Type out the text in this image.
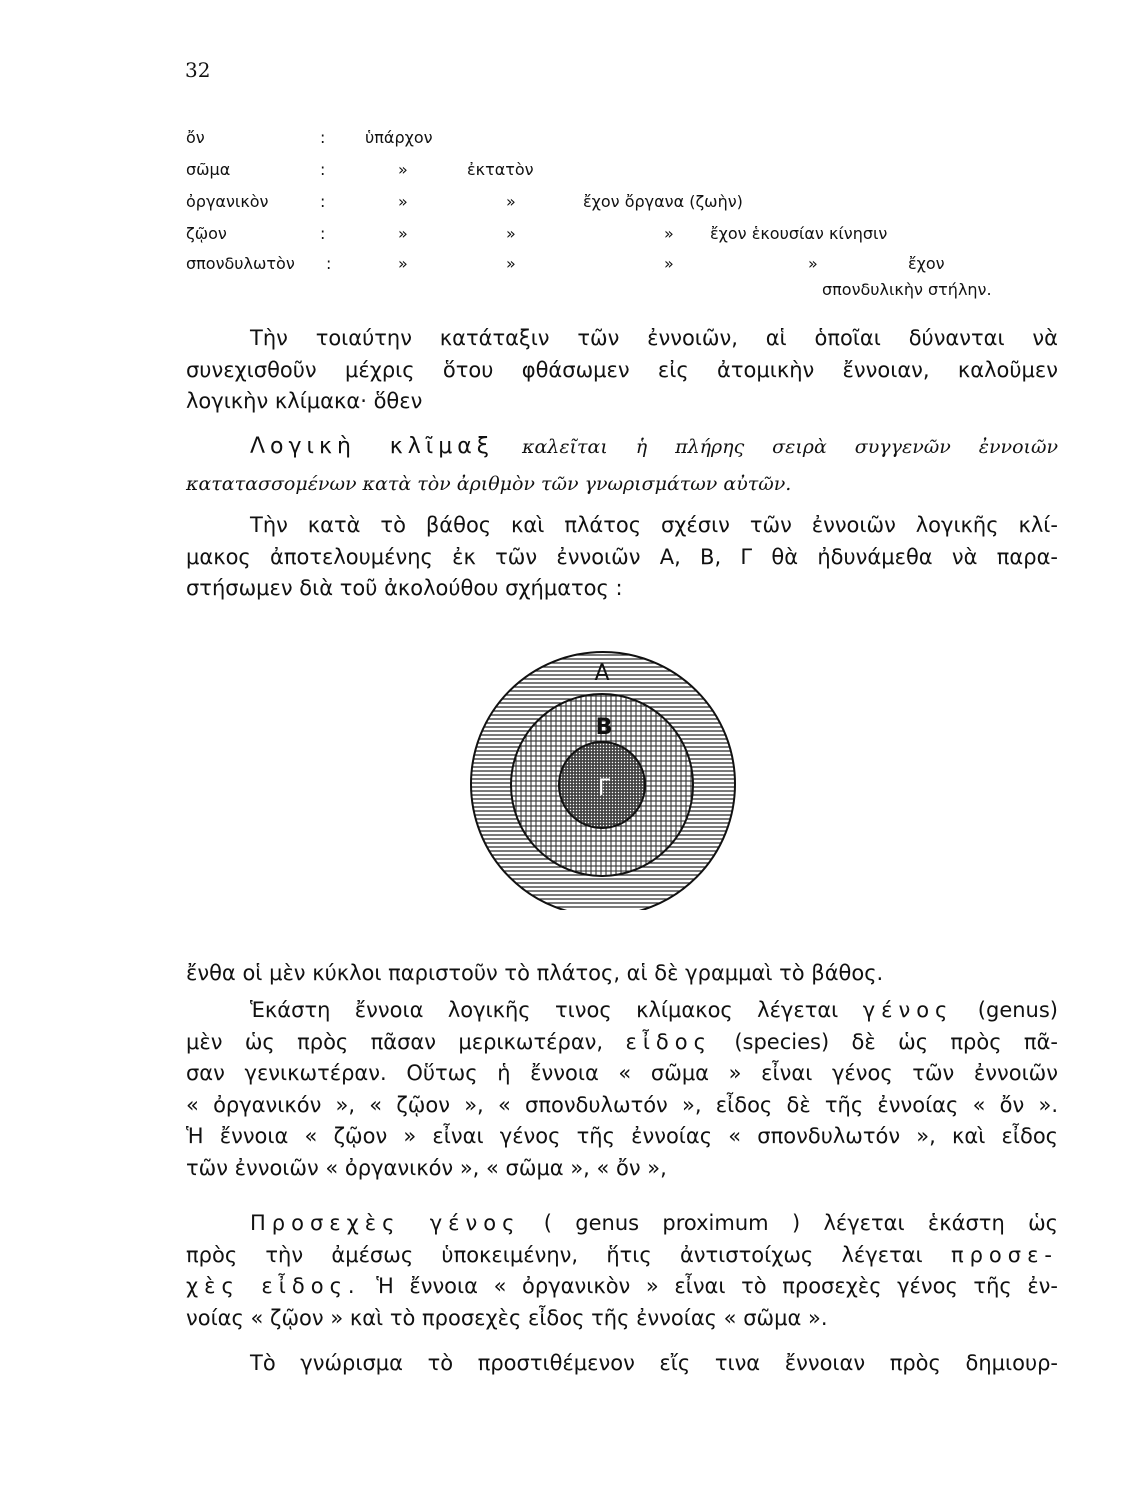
32
ὄν	: ὑπάρχον
σῶμα	:	»	ἐκτατὸν
ὀργανικὸν	:	»	»	ἔχον ὄργανα (ζωὴν)
ζῷον	:	»	»	» ἔχον ἑκουσίαν κίνησιν
σπονδυλωτὸν :	»	»	»	»	ἔχον
σπονδυλικὴν στήλην.
Τὴν τοιαύτην κατάταξιν τῶν ἐννοιῶν, αἱ ὁποῖαι δύνανται νὰ
συνεχισθοῦν μέχρις ὅτου φθάσωμεν εἰς ἀτομικὴν ἔννοιαν, καλοῦμεν
λογικὴν κλίμακα· ὅθεν
Λογικὴ κλῖμαξ καλεῖται ἡ πλήρης σειρὰ συγγενῶν ἐννοιῶν
κατατασσομένων κατὰ τὸν ἀριθμὸν τῶν γνωρισμάτων αὐτῶν.
Τὴν κατὰ τὸ βάθος καὶ πλάτος σχέσιν τῶν ἐννοιῶν λογικῆς κλί-
μακος ἀποτελουμένης ἐκ τῶν ἐννοιῶν Α, Β, Γ θὰ ἠδυνάμεθα νὰ παρα-
στήσωμεν διὰ τοῦ ἀκολούθου σχήματος :
A
B
Γ
ἔνθα οἱ μὲν κύκλοι παριστοῦν τὸ πλάτος, αἱ δὲ γραμμαὶ τὸ βάθος.
Ἑκάστη ἔννοια λογικῆς τινος κλίμακος λέγεται γένος (genus)
μὲν ὡς πρὸς πᾶσαν μερικωτέραν, εἶδος (species) δὲ ὡς πρὸς πᾶ-
σαν γενικωτέραν. Οὕτως ἡ ἔννοια « σῶμα » εἶναι γένος τῶν ἐννοιῶν
« ὀργανικόν », « ζῷον », « σπονδυλωτόν », εἶδος δὲ τῆς ἐννοίας « ὄν ».
Ἡ ἔννοια « ζῷον » εἶναι γένος τῆς ἐννοίας « σπονδυλωτόν », καὶ εἶδος
τῶν ἐννοιῶν « ὀργανικόν », « σῶμα », « ὄν »,
Προσεχὲς γένος ( genus proximum ) λέγεται ἑκάστη ὡς
πρὸς τὴν ἀμέσως ὑποκειμένην, ἥτις ἀντιστοίχως λέγεται προσε-
χὲς εἶδος. Ἡ ἔννοια « ὀργανικὸν » εἶναι τὸ προσεχὲς γένος τῆς ἐν-
νοίας « ζῷον » καὶ τὸ προσεχὲς εἶδος τῆς ἐννοίας « σῶμα ».
Τὸ γνώρισμα τὸ προστιθέμενον εἴς τινα ἔννοιαν πρὸς δημιουρ-
